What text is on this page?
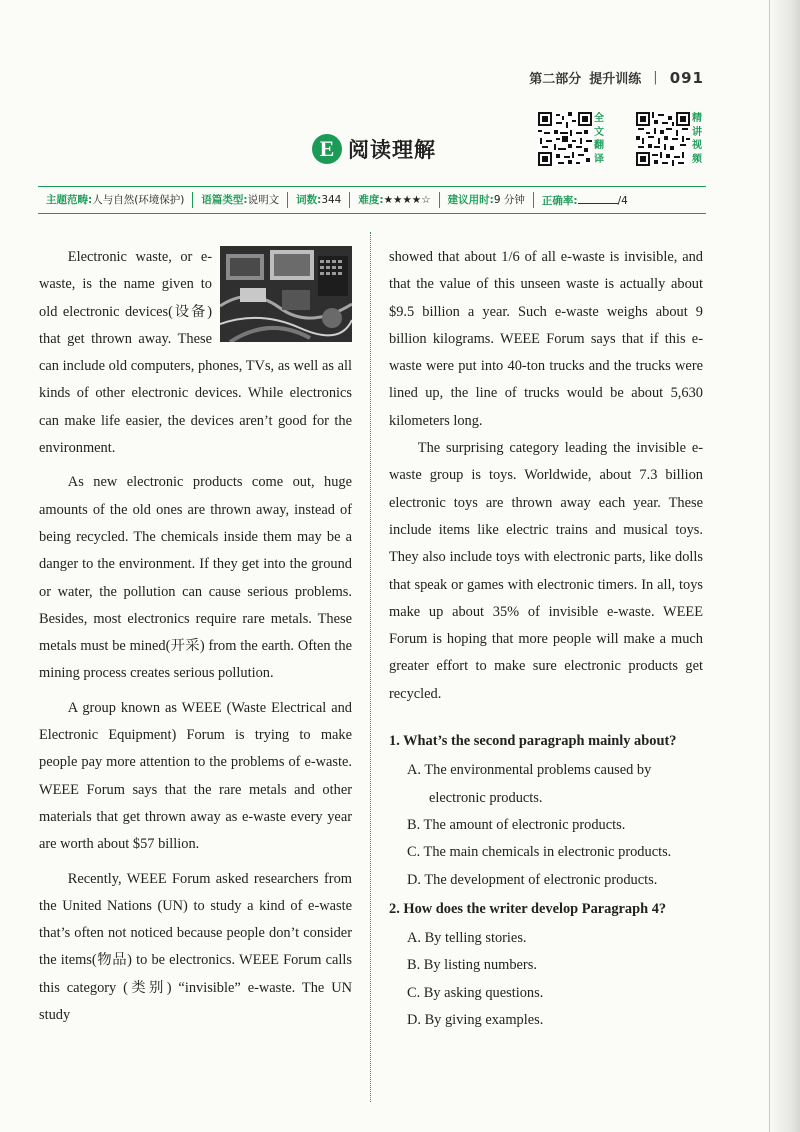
第二部分 提升训练 | 091
E 阅读理解
全文翻译
精讲视频
主题范畴:人与自然(环境保护)	语篇类型:说明文	词数:344	难度:★★★★☆	建议用时:9 分钟	正确率:	/4

Electronic waste, or e-waste, is the name given to old electronic devices(设备) that get thrown away. These can include old computers, phones, TVs, as well as all kinds of other electronic devices. While electronics can make life easier, the devices aren’t good for the environment.

As new electronic products come out, huge amounts of the old ones are thrown away, instead of being recycled. The chemicals inside them may be a danger to the environment. If they get into the ground or water, the pollution can cause serious problems. Besides, most electronics require rare metals. These metals must be mined(开采) from the earth. Often the mining process creates serious pollution.

A group known as WEEE (Waste Electrical and Electronic Equipment) Forum is trying to make people pay more attention to the problems of e-waste. WEEE Forum says that the rare metals and other materials that get thrown away as e-waste every year are worth about $57 billion.

Recently, WEEE Forum asked researchers from the United Nations (UN) to study a kind of e-waste that’s often not noticed because people don’t consider the items(物品) to be electronics. WEEE Forum calls this category (类别) “invisible” e-waste. The UN study

showed that about 1/6 of all e-waste is invisible, and that the value of this unseen waste is actually about $9.5 billion a year. Such e-waste weighs about 9 billion kilograms. WEEE Forum says that if this e-waste were put into 40-ton trucks and the trucks were lined up, the line of trucks would be about 5,630 kilometers long.

The surprising category leading the invisible e-waste group is toys. Worldwide, about 7.3 billion electronic toys are thrown away each year. These include items like electric trains and musical toys. They also include toys with electronic parts, like dolls that speak or games with electronic timers. In all, toys make up about 35% of invisible e-waste. WEEE Forum is hoping that more people will make a much greater effort to make sure electronic products get recycled.

1. What’s the second paragraph mainly about?

A. The environmental problems caused by electronic products.

B. The amount of electronic products.

C. The main chemicals in electronic products.

D. The development of electronic products.

2. How does the writer develop Paragraph 4?

A. By telling stories.

B. By listing numbers.

C. By asking questions.

D. By giving examples.
